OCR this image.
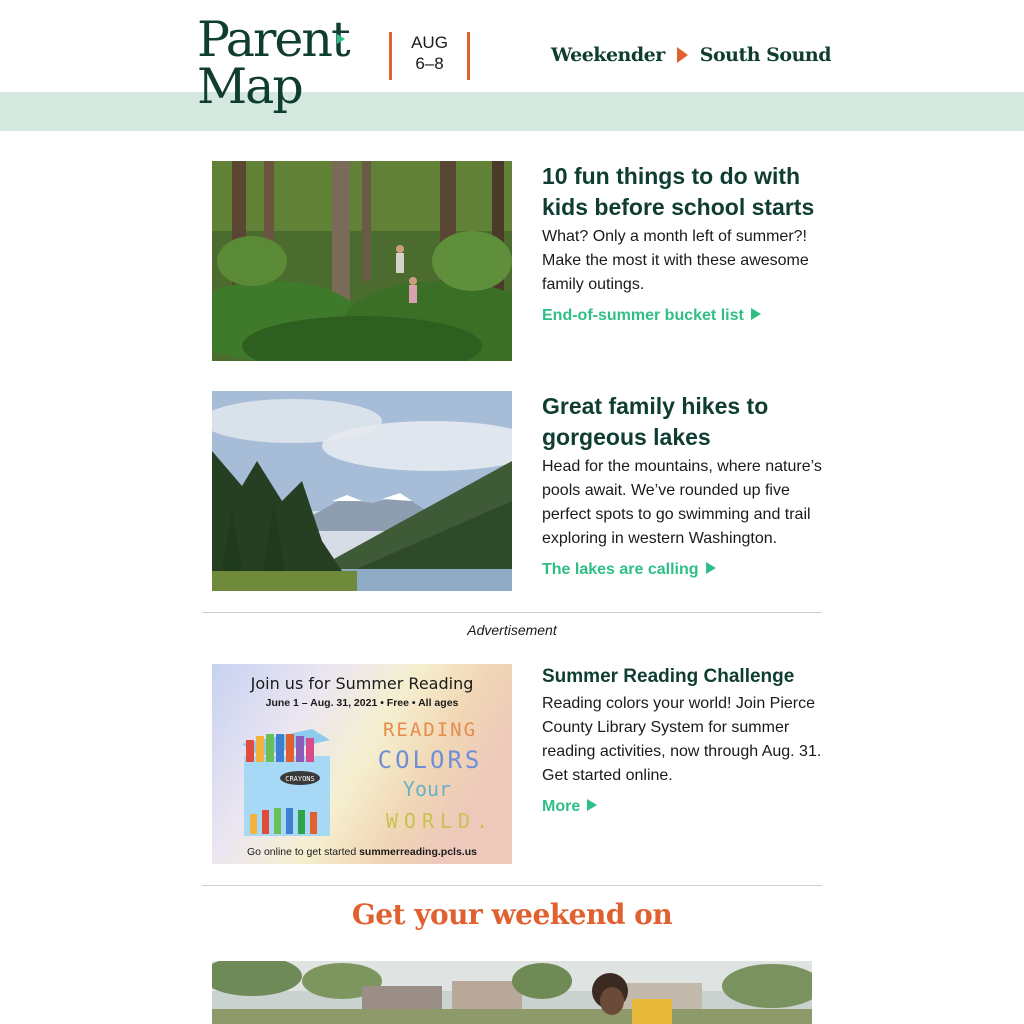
Parent
Map
AUG
6–8	Weekender South Sound
10 fun things to do with kids before school starts
What? Only a month left of summer?! Make the most it with these awesome family outings.
End-of-summer bucket list
Great family hikes to gorgeous lakes
Head for the mountains, where nature’s pools await. We’ve rounded up five perfect spots to go swimming and trail exploring in western Washington.
The lakes are calling
Advertisement
Join us for Summer Reading
June 1 – Aug. 31, 2021 • Free • All ages
CRAYONS
READING
COLORS
Your
WORLD.
Go online to get started summerreading.pcls.us
Summer Reading Challenge
Reading colors your world! Join Pierce County Library System for summer reading activities, now through Aug. 31. Get started online.
More
Get your weekend on
